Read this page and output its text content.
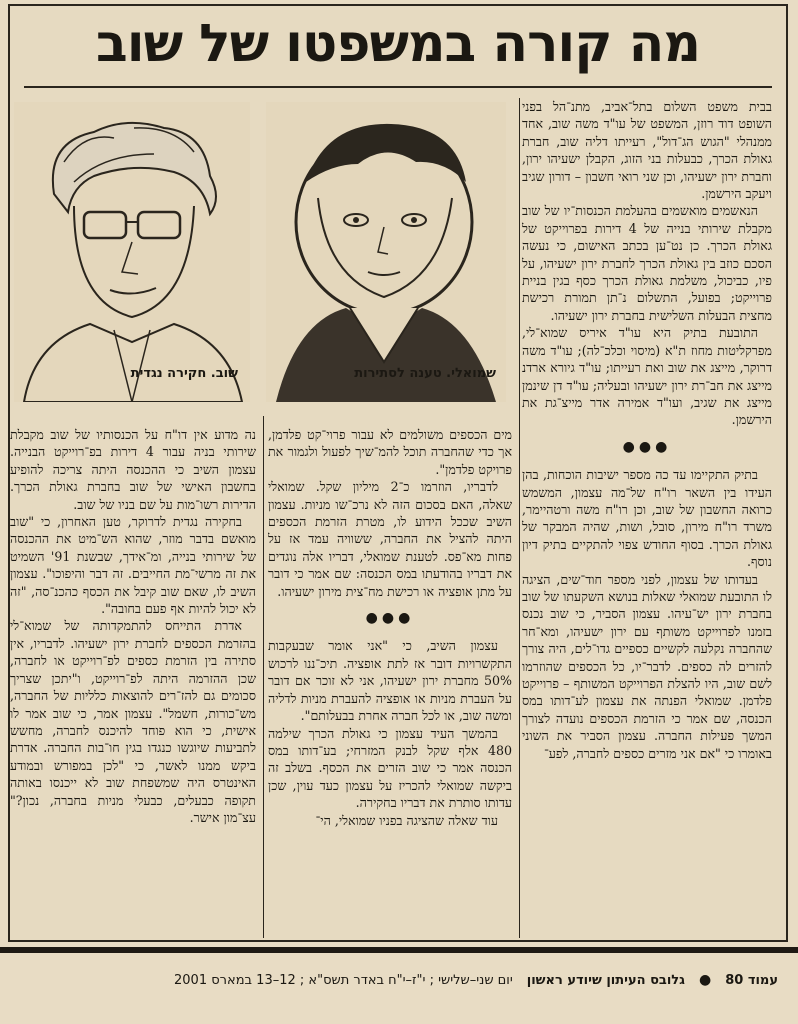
מה קורה במשפטו של שוב

בבית משפט השלום בתל־אביב, מתנ־הל בפני השופט דוד רוזן, המשפט של עו"ד משה שוב, אחד ממנהלי "הגוש הג־דול", רעייתו דליה שוב, חברת גאולת הכרך, כבעלות בני הזוג, הקבלן ישעיהו ירון, וחברת ירון ישעיהו, וכן שני רואי חשבון – דורון שגיב ויעקב הירשמן.

הנאשמים מואשמים בהעלמת הכנסות־יו של שוב מקבלת שירותי בנייה של 4 דירות בפרוייקט של גאולת הכרך. כן נט־ען בכתב האישום, כי נעשה הסכם כוזב בין גאולת הכרך לחברת ירון ישעיהו, על פיו, כביכול, משלמת גאולת הכרך כסף בגין בניית פרוייקט; בפועל, התשלום נ־תן תמורת רכישת מחצית הבעלות השלישית בחברת ירון ישעיהו.

התובעת בתיק היא עו"ד איריס שמוא־לי, מפרקליטות מחוז ת"א (מיסוי וכלכ־לה); עו"ד משה דרוקר, מייצג את שוב ואת רעייתו; עו"ד גיורא ארדנ מייצג את חב־רת ירון ישעיהו ובעליה; עו"ד דן שינמן מייצג את שגיב, ועו"ד אמירה אדר מייצ־גת את הירשמן.

●●●

בתיק התקיימו עד כה מספר ישיבות הוכחות, בהן העידו בין השאר רו"ח של־מה עצמון, המשמש כרואה החשבון של שוב, וכן רו"ח משה ורטהיימר, משרד רו"ח מירון, סובל, ושות, שהיה המבקר של גאולת הכרך. בסוף החודש צפוי להתקיים בתיק דיון נוסף.

בעדותו של עצמון, לפני מספר חוד־שים, הציגה לו התובעת שמואלי שאלות בנושא השקעתו של שוב בחברת ירון יש־עיהו. עצמון הסביר, כי שוב נכנס בזמנו לפרוייקט משותף עם ירון ישעיהו, ומא־חר שהחברה נקלעה לקשיים כספיים גדו־לים, היה צורך להזרים לה כספים. לדבר־יו, כל הכספים שהוזרמו לשם שוב, היו להצלת הפרוייקט המשותף – פרוייקט פלדמן. שמואלי הפנתה את עצמון לע־דותו במס הכנסה, שם אמר כי הזרמת הכספים נועדה לצורך המשך פעילות החברה. עצמון הסביר את השוני באומרו כי "אם אני מזרים כספים לחברה, לפע־

שמואלי. טענה לסתירות
שוב. חקירה נגדית

מים הכספים משולמים לא עבור פרוי־קט פלדמן, אך כדי שהחברה תוכל להמ־שיך לפעול ולגמור את פרויקט פלדמן".

לדבריו, הוזרמו כ־2 מיליון שקל. שמואלי שאלה, האם בסכום הזה לא נרכ־שו מניות. עצמון השיב שככל הידוע לו, מטרת הזרמת הכספים היתה להציל את החברה, ששוויה עמד אז על פחות מא־פס. לטענת שמואלי, דבריו אלה נוגדים את דבריו בהודעתו במס הכנסה: שם אמר כי דובר על מתן אופציה או רכישת מח־צית מירון ישעיהו.

●●●

עצמון השיב, כי "אני אומר שבעקבות התקשרויות דובר אז לתת אופציה. תיכ־ננו לרכוש 50% מחברת ירון ישעיהו, אני לא זוכר אם דובר על העברת מניות או אופציה להעברת מניות לדליה ומשה שוב, או לכל חברה אחרת בבעלותם".

בהמשך העיד עצמון כי גאולת הכרך שילמה 480 אלף שקל לבנק המזרחי; בע־דותו במס הכנסה אמר כי שוב הזרים את הכסף. בשלב זה ביקשה שמואלי להכריז על עצמון כעד עוין, שכן עדותו סותרת את דבריו בחקירה.

עוד שאלה שהציגה בפניו שמואלי, הי־

נה מדוע אין דו"ח על הכנסותיו של שוב מקבלת שירותי בניה עבור 4 דירות בפ־רוייקט הבנייה. עצמון השיב כי ההכנסה היתה צריכה להופיע בחשבון האישי של שוב בחברת גאולת הכרך. הדירות רשו־מות על שם בניו של שוב.

בחקירה נגדית לדרוקר, טען האחרון, כי "שוב מואשם בדבר מוזר, שהוא הש־מיט את ההכנסה של שירותי בנייה, ומ־אידך, שבשנת 91' השמיט את זה מרשי־מת החייבים. זה דבר והיפוכו". עצמון השיב לו, שאם שוב קיבל את הכסף כהכנ־סה, "זה לא יכול להיות אף פעם בחובה".

אדרת התייחס להתמקדותה של שמוא־לי בהזרמת הכספים לחברת ירון ישעיהו. לדבריו, אין סתירה בין הזרמת כספים לפ־רוייקט או לחברה, שכן ההזרמה היתה לפ־רוייקט, ו"יתכן שצריך סכומים גם להז־רים להוצאות כלליות של החברה, מש־כורות, חשמל". עצמון אמר, כי שוב אמר לו אישית, כי הוא פוחד להיכנס לחברה, מחשש לתביעות שיוגשו כנגדו בגין חו־בות החברה. אדרת ביקש ממנו לאשר, כי "לכן במפורש ובמודע האינטרס היה שמשפחת שוב לא ייכנסו באותה תקופה כבעלים, כבעלי מניות בחברה, נכון?" עצ־מון אישר.

עמוד 80
●
גלובס העיתון שיודע ראשון
יום שני–שלישי ; י"ז–י"ח באדר תשס"א ; 12–13 במארס 2001
